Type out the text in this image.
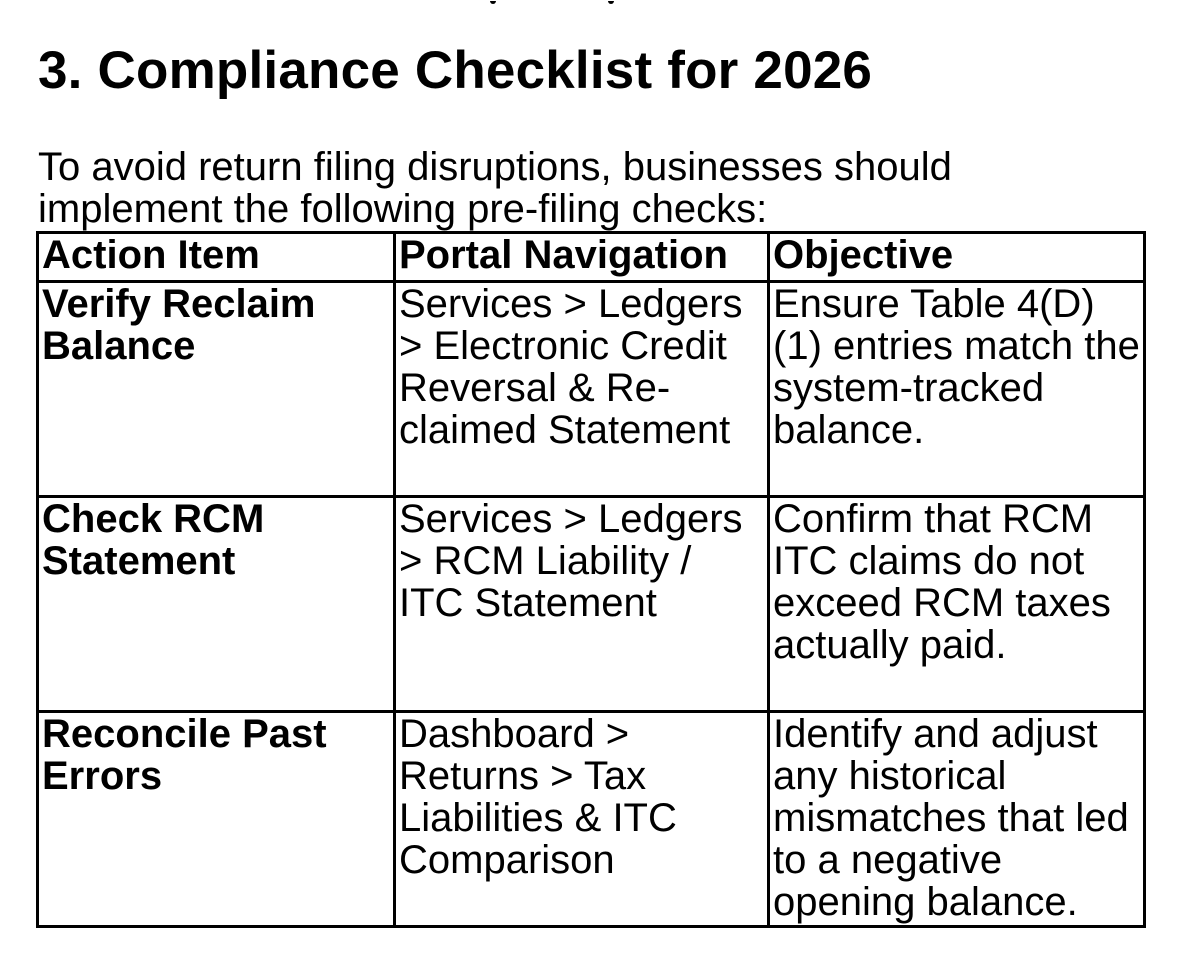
3. Compliance Checklist for 2026

To avoid return filing disruptions, businesses should implement the following pre-filing checks:

Action Item	Portal Navigation	Objective
Verify Reclaim Balance	Services > Ledgers > Electronic Credit Reversal & Re-claimed Statement	Ensure Table 4(D)(1) entries match the system-tracked balance.
Check RCM Statement	Services > Ledgers > RCM Liability / ITC Statement	Confirm that RCM ITC claims do not exceed RCM taxes actually paid.
Reconcile Past Errors	Dashboard > Returns > Tax Liabilities & ITC Comparison	Identify and adjust any historical mismatches that led to a negative opening balance.
